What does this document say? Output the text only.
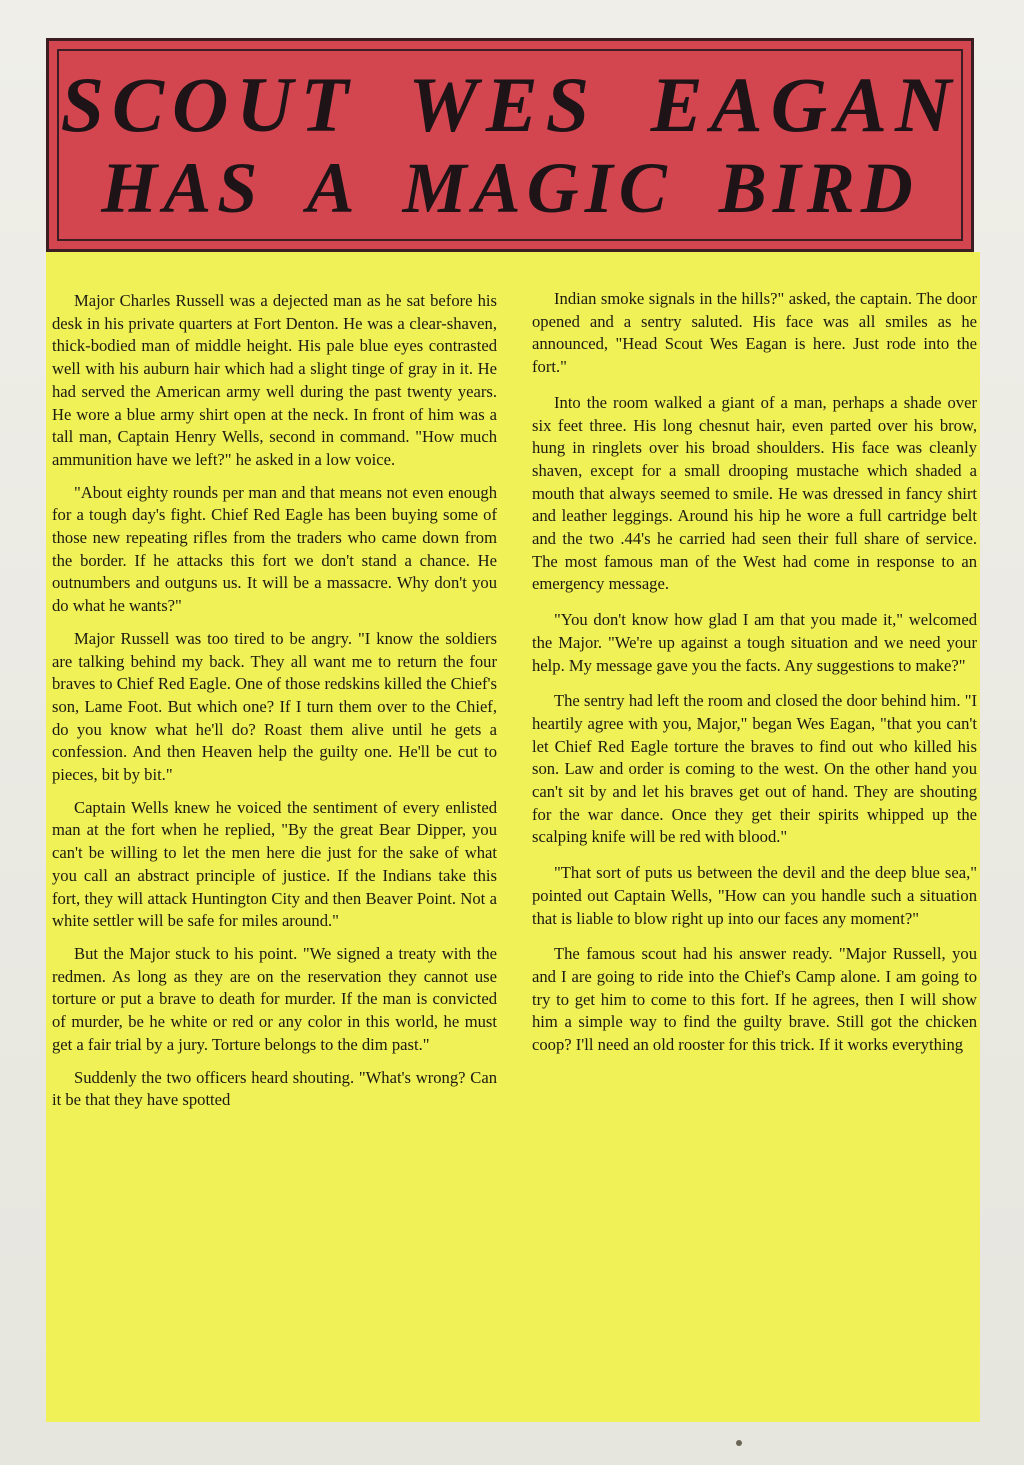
SCOUT WES EAGAN
HAS A MAGIC BIRD

Major Charles Russell was a dejected man as he sat before his desk in his private quarters at Fort Denton. He was a clear-shaven, thick-bodied man of middle height. His pale blue eyes contrasted well with his auburn hair which had a slight tinge of gray in it. He had served the American army well during the past twenty years. He wore a blue army shirt open at the neck. In front of him was a tall man, Captain Henry Wells, second in command. "How much ammunition have we left?" he asked in a low voice.

"About eighty rounds per man and that means not even enough for a tough day's fight. Chief Red Eagle has been buying some of those new repeating rifles from the traders who came down from the border. If he attacks this fort we don't stand a chance. He outnumbers and outguns us. It will be a massacre. Why don't you do what he wants?"

Major Russell was too tired to be angry. "I know the soldiers are talking behind my back. They all want me to return the four braves to Chief Red Eagle. One of those redskins killed the Chief's son, Lame Foot. But which one? If I turn them over to the Chief, do you know what he'll do? Roast them alive until he gets a confession. And then Heaven help the guilty one. He'll be cut to pieces, bit by bit."

Captain Wells knew he voiced the sentiment of every enlisted man at the fort when he replied, "By the great Bear Dipper, you can't be willing to let the men here die just for the sake of what you call an abstract principle of justice. If the Indians take this fort, they will attack Huntington City and then Beaver Point. Not a white settler will be safe for miles around."

But the Major stuck to his point. "We signed a treaty with the redmen. As long as they are on the reservation they cannot use torture or put a brave to death for murder. If the man is convicted of murder, be he white or red or any color in this world, he must get a fair trial by a jury. Torture belongs to the dim past."

Suddenly the two officers heard shouting. "What's wrong? Can it be that they have spotted

Indian smoke signals in the hills?" asked, the captain. The door opened and a sentry saluted. His face was all smiles as he announced, "Head Scout Wes Eagan is here. Just rode into the fort."

Into the room walked a giant of a man, perhaps a shade over six feet three. His long chesnut hair, even parted over his brow, hung in ringlets over his broad shoulders. His face was cleanly shaven, except for a small drooping mustache which shaded a mouth that always seemed to smile. He was dressed in fancy shirt and leather leggings. Around his hip he wore a full cartridge belt and the two .44's he carried had seen their full share of service. The most famous man of the West had come in response to an emergency message.

"You don't know how glad I am that you made it," welcomed the Major. "We're up against a tough situation and we need your help. My message gave you the facts. Any suggestions to make?"

The sentry had left the room and closed the door behind him. "I heartily agree with you, Major," began Wes Eagan, "that you can't let Chief Red Eagle torture the braves to find out who killed his son. Law and order is coming to the west. On the other hand you can't sit by and let his braves get out of hand. They are shouting for the war dance. Once they get their spirits whipped up the scalping knife will be red with blood."

"That sort of puts us between the devil and the deep blue sea," pointed out Captain Wells, "How can you handle such a situation that is liable to blow right up into our faces any moment?"

The famous scout had his answer ready. "Major Russell, you and I are going to ride into the Chief's Camp alone. I am going to try to get him to come to this fort. If he agrees, then I will show him a simple way to find the guilty brave. Still got the chicken coop? I'll need an old rooster for this trick. If it works everything
